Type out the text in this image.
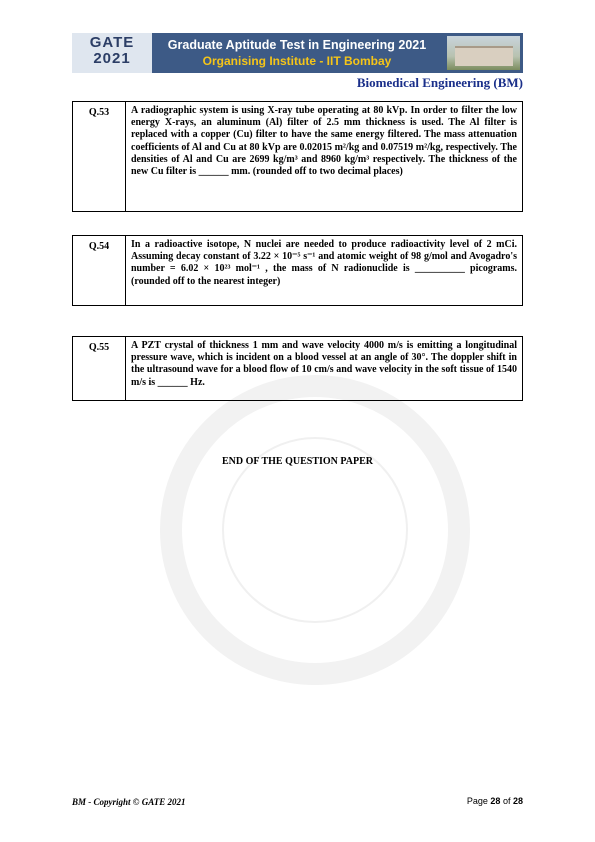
GATE
2021
Graduate Aptitude Test in Engineering 2021
Organising Institute - IIT Bombay
Biomedical Engineering (BM)
Q.53	A radiographic system is using X-ray tube operating at 80 kVp. In order to filter the low energy X-rays, an aluminum (Al) filter of 2.5 mm thickness is used. The Al filter is replaced with a copper (Cu) filter to have the same energy filtered. The mass attenuation coefficients of Al and Cu at 80 kVp are 0.02015 m²/kg and 0.07519 m²/kg, respectively. The densities of Al and Cu are 2699 kg/m³ and 8960 kg/m³ respectively. The thickness of the new Cu filter is ______ mm. (rounded off to two decimal places)
Q.54	In a radioactive isotope, N nuclei are needed to produce radioactivity level of 2 mCi. Assuming decay constant of 3.22 × 10⁻⁵ s⁻¹ and atomic weight of 98 g/mol and Avogadro's number = 6.02 × 10²³ mol⁻¹ , the mass of N radionuclide is __________ picograms. (rounded off to the nearest integer)
Q.55	A PZT crystal of thickness 1 mm and wave velocity 4000 m/s is emitting a longitudinal pressure wave, which is incident on a blood vessel at an angle of 30°. The doppler shift in the ultrasound wave for a blood flow of 10 cm/s and wave velocity in the soft tissue of 1540 m/s is ______ Hz.
END OF THE QUESTION PAPER
BM - Copyright © GATE 2021	Page 28 of 28
